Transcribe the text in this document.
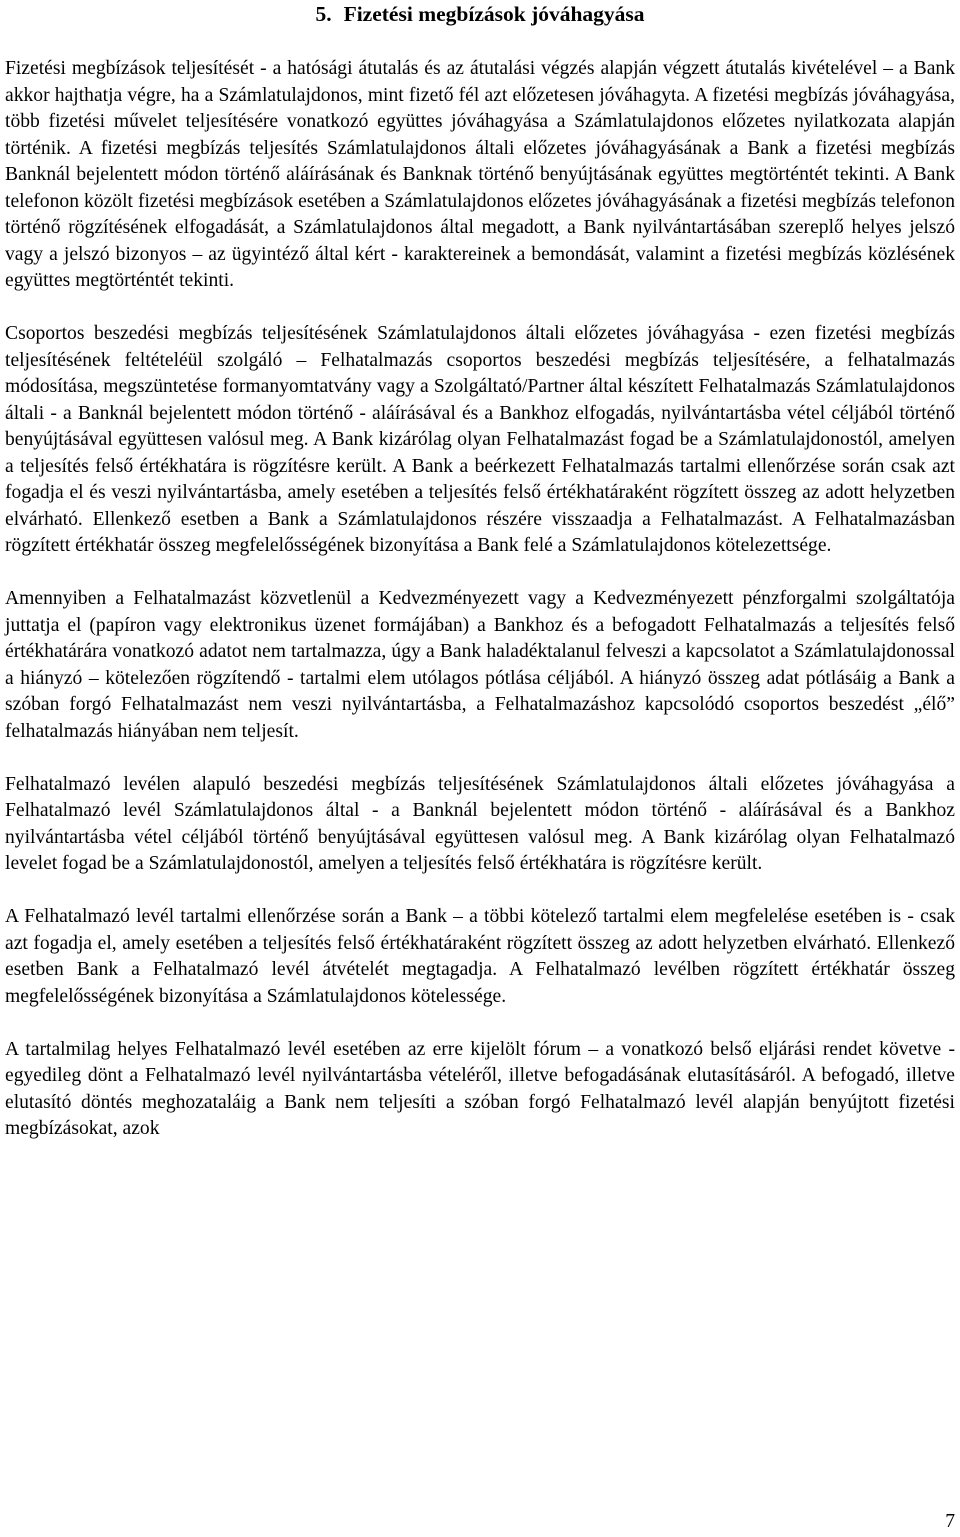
5. Fizetési megbízások jóváhagyása

Fizetési megbízások teljesítését - a hatósági átutalás és az átutalási végzés alapján végzett átutalás kivételével – a Bank akkor hajthatja végre, ha a Számlatulajdonos, mint fizető fél azt előzetesen jóváhagyta. A fizetési megbízás jóváhagyása, több fizetési művelet teljesítésére vonatkozó együttes jóváhagyása a Számlatulajdonos előzetes nyilatkozata alapján történik. A fizetési megbízás teljesítés Számlatulajdonos általi előzetes jóváhagyásának a Bank a fizetési megbízás Banknál bejelentett módon történő aláírásának és Banknak történő benyújtásának együttes megtörténtét tekinti. A Bank telefonon közölt fizetési megbízások esetében a Számlatulajdonos előzetes jóváhagyásának a fizetési megbízás telefonon történő rögzítésének elfogadását, a Számlatulajdonos által megadott, a Bank nyilvántartásában szereplő helyes jelszó vagy a jelszó bizonyos – az ügyintéző által kért - karaktereinek a bemondását, valamint a fizetési megbízás közlésének együttes megtörténtét tekinti.

Csoportos beszedési megbízás teljesítésének Számlatulajdonos általi előzetes jóváhagyása - ezen fizetési megbízás teljesítésének feltételéül szolgáló – Felhatalmazás csoportos beszedési megbízás teljesítésére, a felhatalmazás módosítása, megszüntetése formanyomtatvány vagy a Szolgáltató/Partner által készített Felhatalmazás Számlatulajdonos általi - a Banknál bejelentett módon történő - aláírásával és a Bankhoz elfogadás, nyilvántartásba vétel céljából történő benyújtásával együttesen valósul meg. A Bank kizárólag olyan Felhatalmazást fogad be a Számlatulajdonostól, amelyen a teljesítés felső értékhatára is rögzítésre került. A Bank a beérkezett Felhatalmazás tartalmi ellenőrzése során csak azt fogadja el és veszi nyilvántartásba, amely esetében a teljesítés felső értékhatáraként rögzített összeg az adott helyzetben elvárható. Ellenkező esetben a Bank a Számlatulajdonos részére visszaadja a Felhatalmazást. A Felhatalmazásban rögzített értékhatár összeg megfelelősségének bizonyítása a Bank felé a Számlatulajdonos kötelezettsége.

Amennyiben a Felhatalmazást közvetlenül a Kedvezményezett vagy a Kedvezményezett pénzforgalmi szolgáltatója juttatja el (papíron vagy elektronikus üzenet formájában) a Bankhoz és a befogadott Felhatalmazás a teljesítés felső értékhatárára vonatkozó adatot nem tartalmazza, úgy a Bank haladéktalanul felveszi a kapcsolatot a Számlatulajdonossal a hiányzó – kötelezően rögzítendő - tartalmi elem utólagos pótlása céljából. A hiányzó összeg adat pótlásáig a Bank a szóban forgó Felhatalmazást nem veszi nyilvántartásba, a Felhatalmazáshoz kapcsolódó csoportos beszedést „élő” felhatalmazás hiányában nem teljesít.

Felhatalmazó levélen alapuló beszedési megbízás teljesítésének Számlatulajdonos általi előzetes jóváhagyása a Felhatalmazó levél Számlatulajdonos által - a Banknál bejelentett módon történő - aláírásával és a Bankhoz nyilvántartásba vétel céljából történő benyújtásával együttesen valósul meg. A Bank kizárólag olyan Felhatalmazó levelet fogad be a Számlatulajdonostól, amelyen a teljesítés felső értékhatára is rögzítésre került.

A Felhatalmazó levél tartalmi ellenőrzése során a Bank – a többi kötelező tartalmi elem megfelelése esetében is - csak azt fogadja el, amely esetében a teljesítés felső értékhatáraként rögzített összeg az adott helyzetben elvárható. Ellenkező esetben Bank a Felhatalmazó levél átvételét megtagadja. A Felhatalmazó levélben rögzített értékhatár összeg megfelelősségének bizonyítása a Számlatulajdonos kötelessége.

A tartalmilag helyes Felhatalmazó levél esetében az erre kijelölt fórum – a vonatkozó belső eljárási rendet követve - egyedileg dönt a Felhatalmazó levél nyilvántartásba vételéről, illetve befogadásának elutasításáról. A befogadó, illetve elutasító döntés meghozataláig a Bank nem teljesíti a szóban forgó Felhatalmazó levél alapján benyújtott fizetési megbízásokat, azok

7
